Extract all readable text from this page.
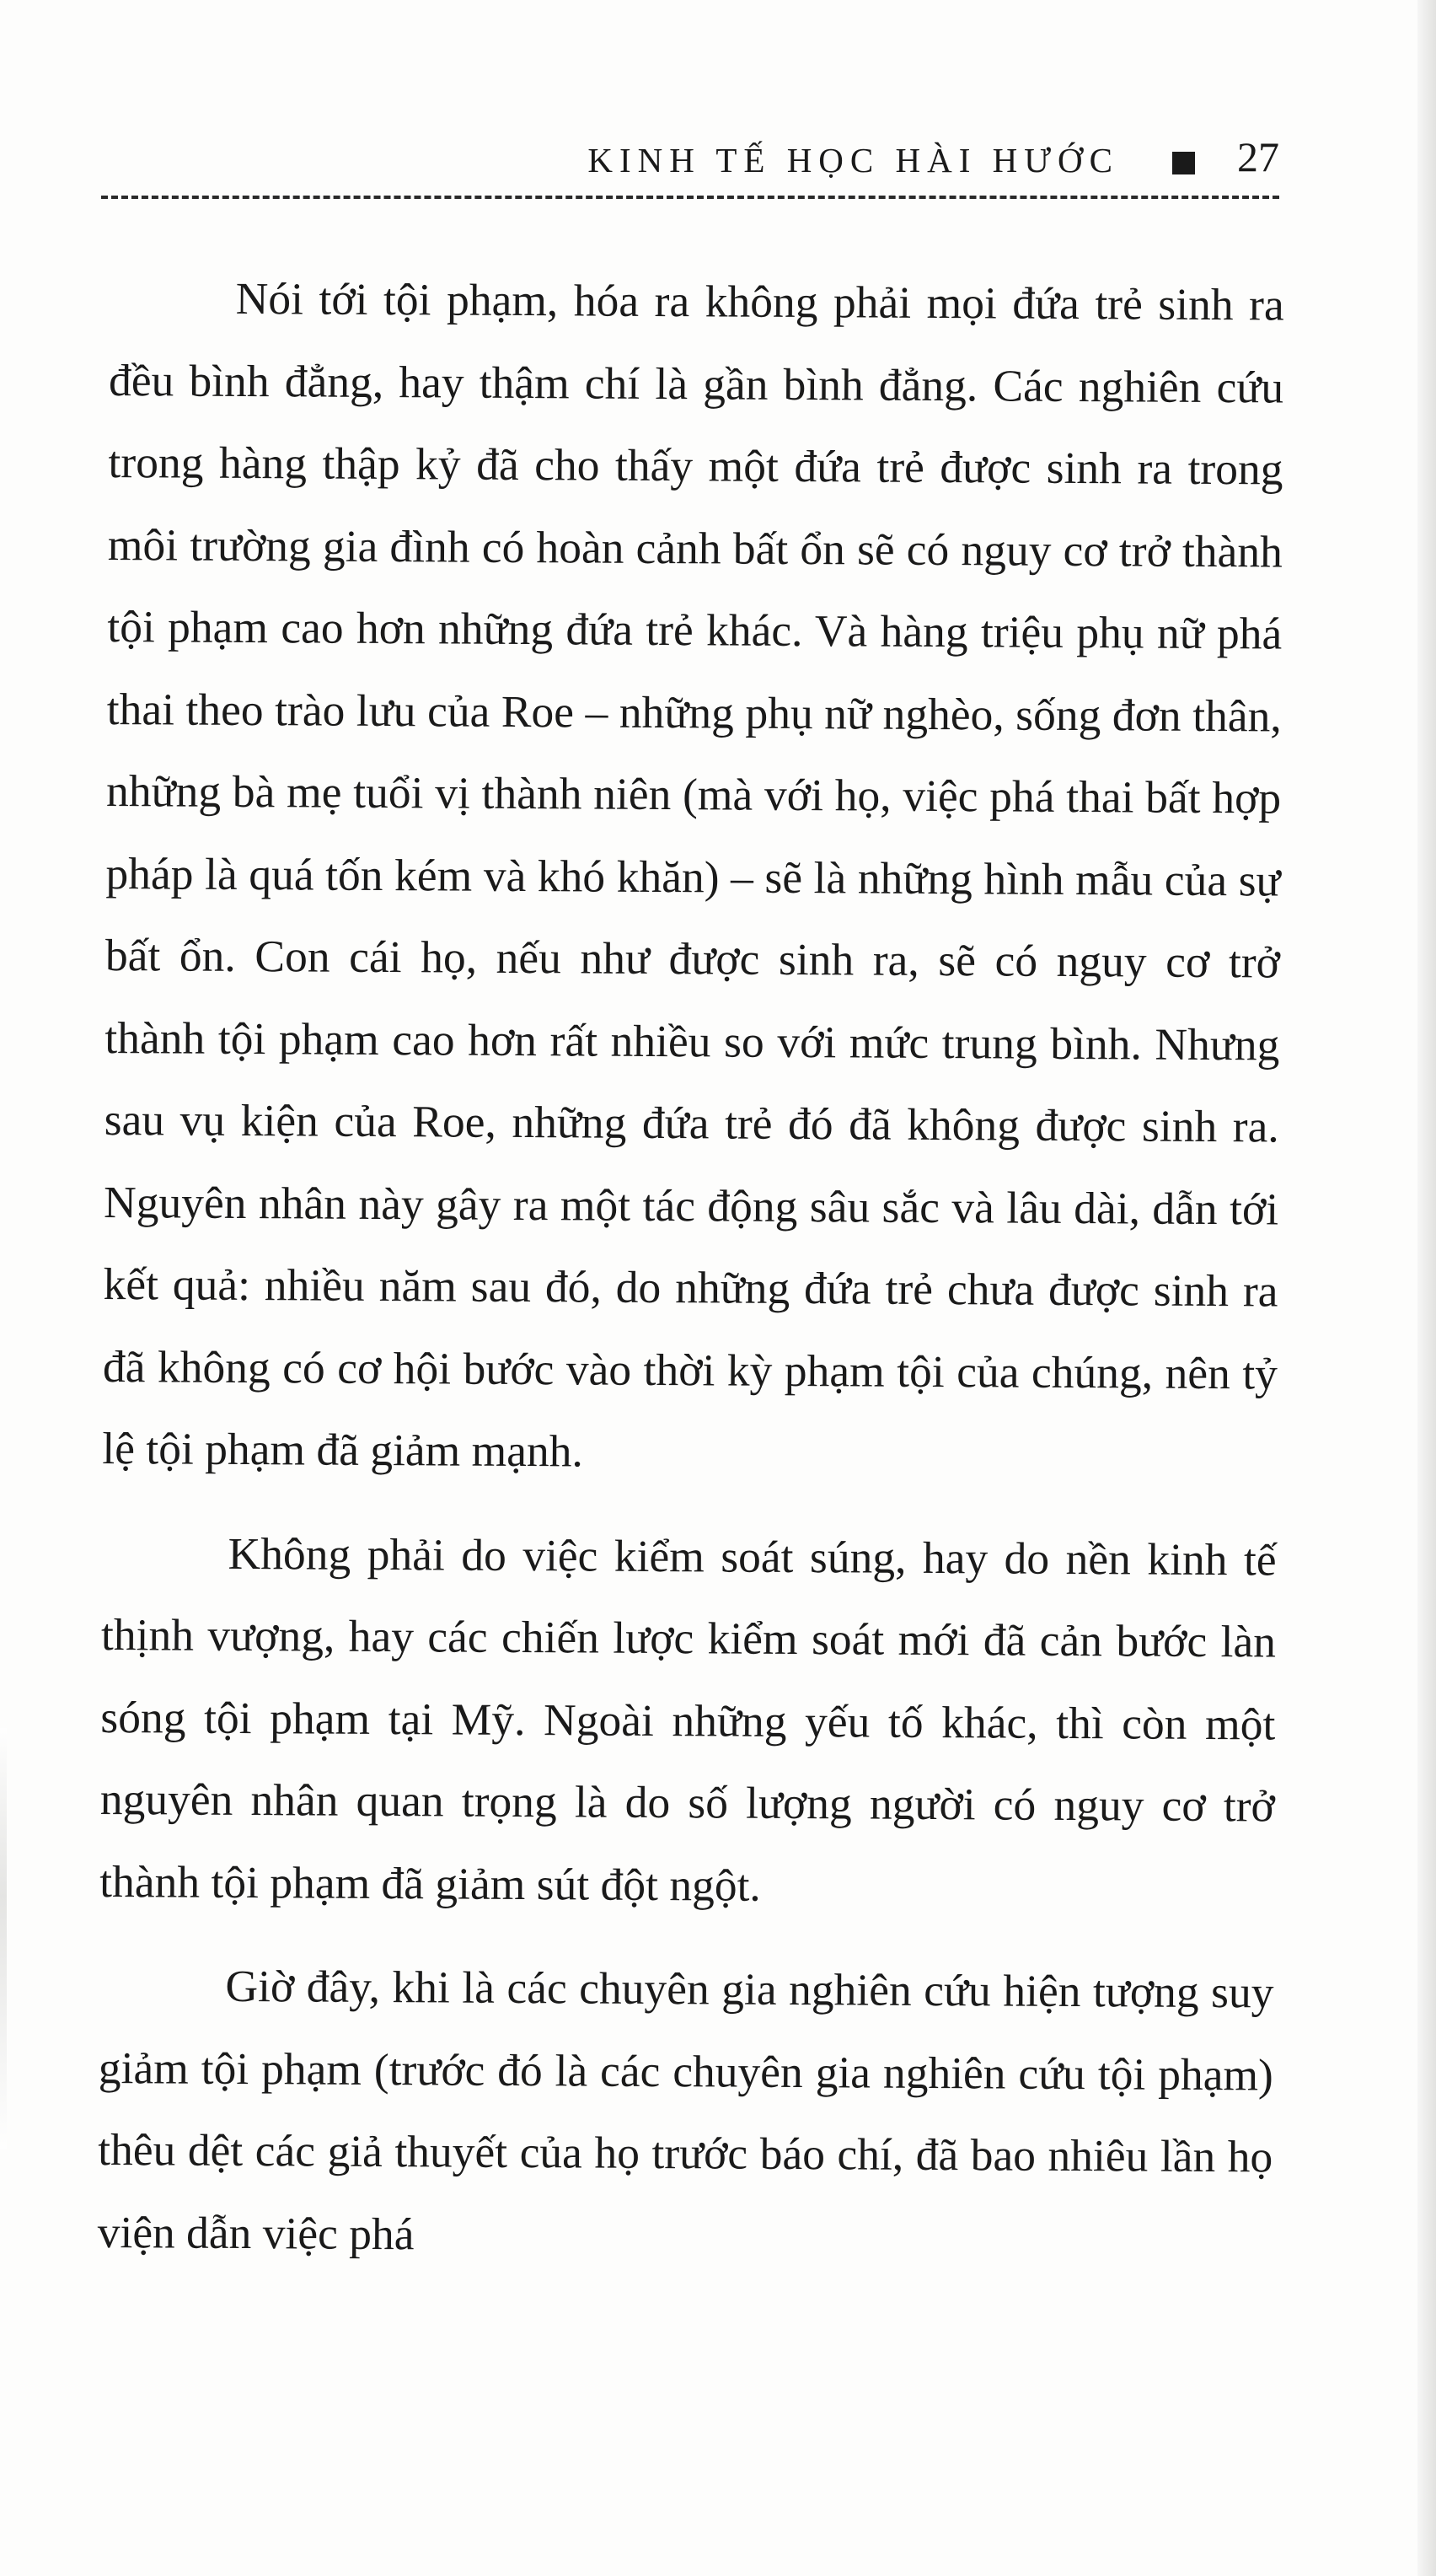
KINH TẾ HỌC HÀI HƯỚC	27

Nói tới tội phạm, hóa ra không phải mọi đứa trẻ sinh ra đều bình đẳng, hay thậm chí là gần bình đẳng. Các nghiên cứu trong hàng thập kỷ đã cho thấy một đứa trẻ được sinh ra trong môi trường gia đình có hoàn cảnh bất ổn sẽ có nguy cơ trở thành tội phạm cao hơn những đứa trẻ khác. Và hàng triệu phụ nữ phá thai theo trào lưu của Roe – những phụ nữ nghèo, sống đơn thân, những bà mẹ tuổi vị thành niên (mà với họ, việc phá thai bất hợp pháp là quá tốn kém và khó khăn) – sẽ là những hình mẫu của sự bất ổn. Con cái họ, nếu như được sinh ra, sẽ có nguy cơ trở thành tội phạm cao hơn rất nhiều so với mức trung bình. Nhưng sau vụ kiện của Roe, những đứa trẻ đó đã không được sinh ra. Nguyên nhân này gây ra một tác động sâu sắc và lâu dài, dẫn tới kết quả: nhiều năm sau đó, do những đứa trẻ chưa được sinh ra đã không có cơ hội bước vào thời kỳ phạm tội của chúng, nên tỷ lệ tội phạm đã giảm mạnh.

Không phải do việc kiểm soát súng, hay do nền kinh tế thịnh vượng, hay các chiến lược kiểm soát mới đã cản bước làn sóng tội phạm tại Mỹ. Ngoài những yếu tố khác, thì còn một nguyên nhân quan trọng là do số lượng người có nguy cơ trở thành tội phạm đã giảm sút đột ngột.

Giờ đây, khi là các chuyên gia nghiên cứu hiện tượng suy giảm tội phạm (trước đó là các chuyên gia nghiên cứu tội phạm) thêu dệt các giả thuyết của họ trước báo chí, đã bao nhiêu lần họ viện dẫn việc phá
